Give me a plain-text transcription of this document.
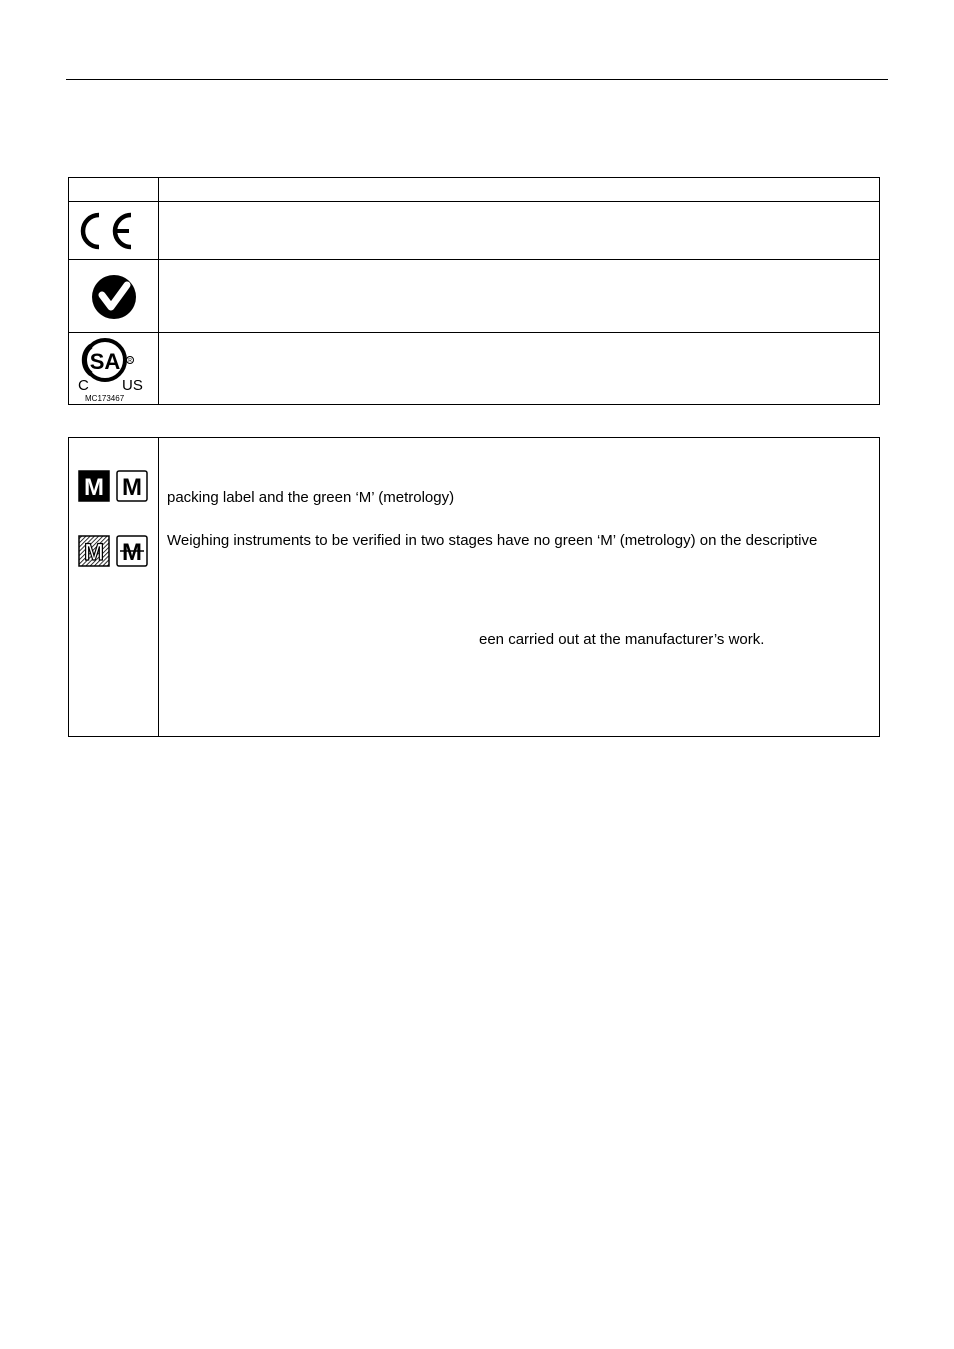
SA R
C US
MC173467	

M M
M M

packing label and the green ‘M’ (metrology)
Weighing instruments to be verified in two stages have no green ‘M’ (metrology) on the descriptive
een carried out at the manufacturer’s work.
